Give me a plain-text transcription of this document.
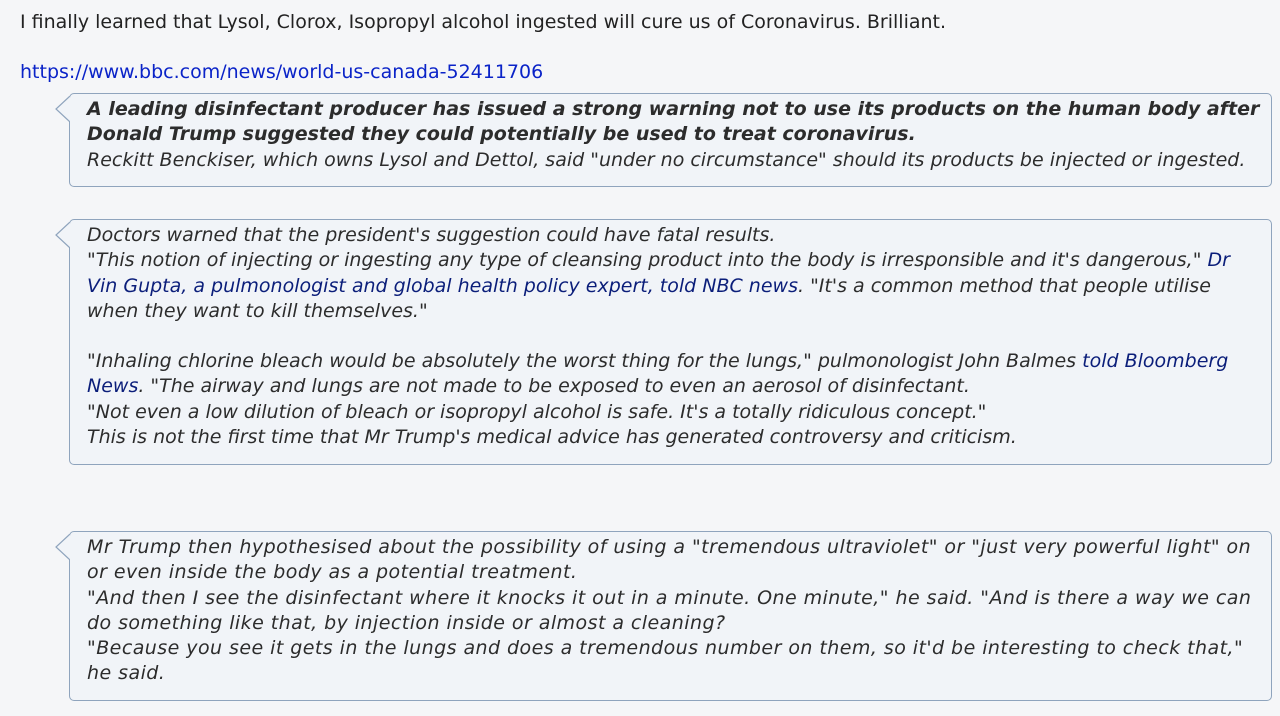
I finally learned that Lysol, Clorox, Isopropyl alcohol ingested will cure us of Coronavirus. Brilliant.
https://www.bbc.com/news/world-us-canada-52411706

A leading disinfectant producer has issued a strong warning not to use its products on the human body after Donald Trump suggested they could potentially be used to treat coronavirus.

Reckitt Benckiser, which owns Lysol and Dettol, said "under no circumstance" should its products be injected or ingested.

Doctors warned that the president's suggestion could have fatal results.

"This notion of injecting or ingesting any type of cleansing product into the body is irresponsible and it's dangerous," Dr Vin Gupta, a pulmonologist and global health policy expert, told NBC news. "It's a common method that people utilise when they want to kill themselves."

"Inhaling chlorine bleach would be absolutely the worst thing for the lungs," pulmonologist John Balmes told Bloomberg News. "The airway and lungs are not made to be exposed to even an aerosol of disinfectant.

"Not even a low dilution of bleach or isopropyl alcohol is safe. It's a totally ridiculous concept."

This is not the first time that Mr Trump's medical advice has generated controversy and criticism.

Mr Trump then hypothesised about the possibility of using a "tremendous ultraviolet" or "just very powerful light" on or even inside the body as a potential treatment.

"And then I see the disinfectant where it knocks it out in a minute. One minute," he said. "And is there a way we can do something like that, by injection inside or almost a cleaning?

"Because you see it gets in the lungs and does a tremendous number on them, so it'd be interesting to check that," he said.
